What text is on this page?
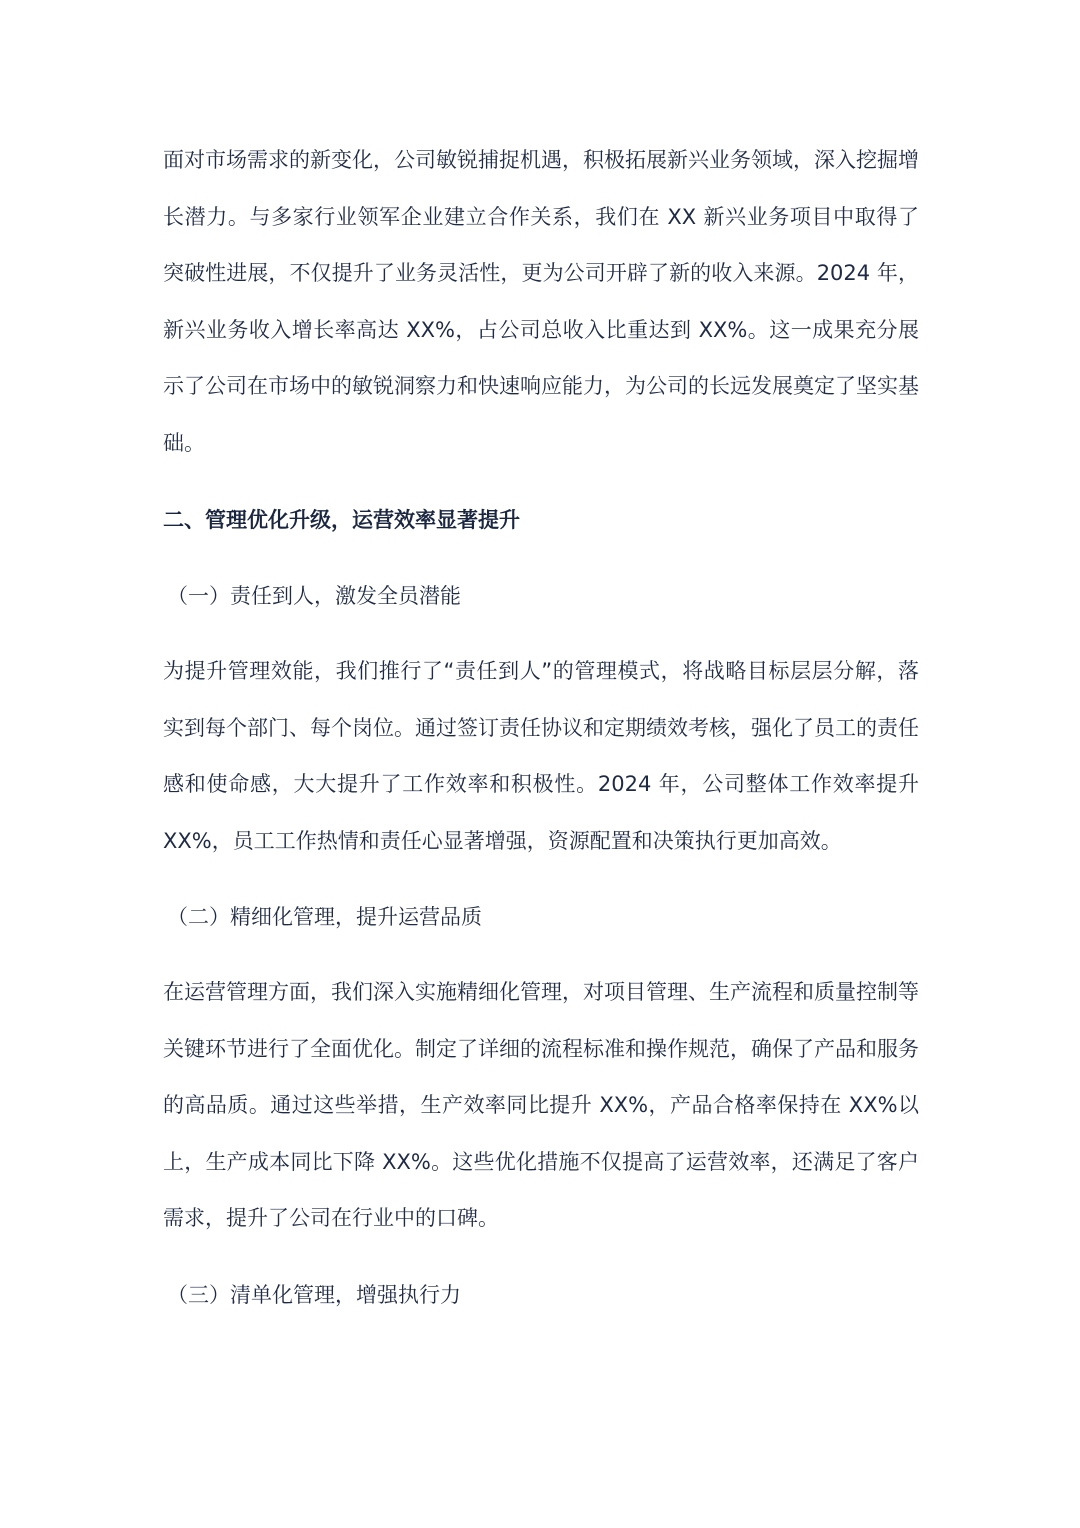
面对市场需求的新变化，公司敏锐捕捉机遇，积极拓展新兴业务领域，深入挖掘增长潜力。与多家行业领军企业建立合作关系，我们在 XX 新兴业务项目中取得了突破性进展，不仅提升了业务灵活性，更为公司开辟了新的收入来源。2024 年，新兴业务收入增长率高达 XX%，占公司总收入比重达到 XX%。这一成果充分展示了公司在市场中的敏锐洞察力和快速响应能力，为公司的长远发展奠定了坚实基础。
二、管理优化升级，运营效率显著提升
（一）责任到人，激发全员潜能
为提升管理效能，我们推行了“责任到人”的管理模式，将战略目标层层分解，落实到每个部门、每个岗位。通过签订责任协议和定期绩效考核，强化了员工的责任感和使命感，大大提升了工作效率和积极性。2024 年，公司整体工作效率提升 XX%，员工工作热情和责任心显著增强，资源配置和决策执行更加高效。
（二）精细化管理，提升运营品质
在运营管理方面，我们深入实施精细化管理，对项目管理、生产流程和质量控制等关键环节进行了全面优化。制定了详细的流程标准和操作规范，确保了产品和服务的高品质。通过这些举措，生产效率同比提升 XX%，产品合格率保持在 XX%以上，生产成本同比下降 XX%。这些优化措施不仅提高了运营效率，还满足了客户需求，提升了公司在行业中的口碑。
（三）清单化管理，增强执行力
